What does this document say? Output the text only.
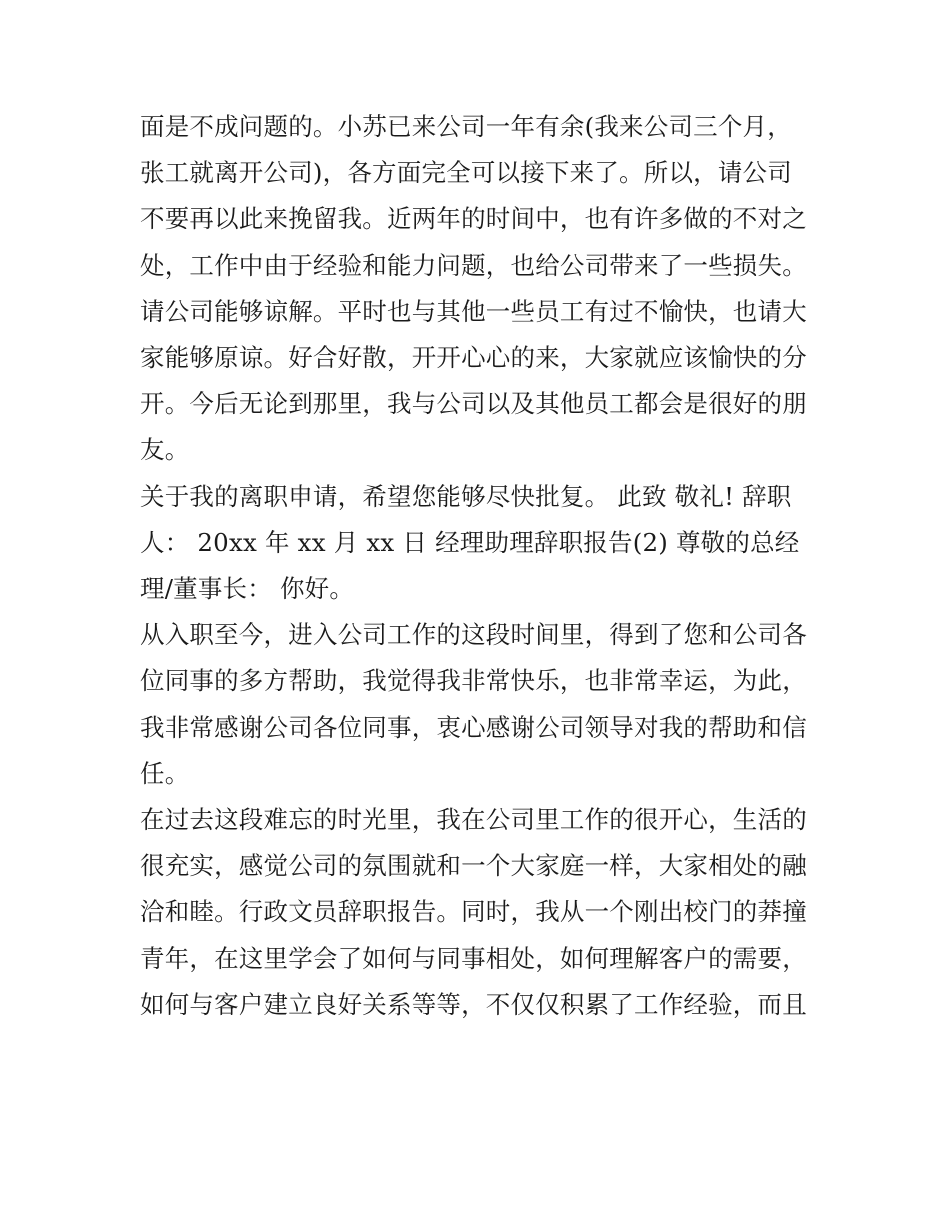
面是不成问题的。小苏已来公司一年有余(我来公司三个月，
张工就离开公司)，各方面完全可以接下来了。所以，请公司
不要再以此来挽留我。近两年的时间中，也有许多做的不对之
处，工作中由于经验和能力问题，也给公司带来了一些损失。
请公司能够谅解。平时也与其他一些员工有过不愉快，也请大
家能够原谅。好合好散，开开心心的来，大家就应该愉快的分
开。今后无论到那里，我与公司以及其他员工都会是很好的朋
友。

关于我的离职申请，希望您能够尽快批复。 此致 敬礼! 辞职
人： 20xx 年 xx 月 xx 日 经理助理辞职报告(2) 尊敬的总经
理/董事长： 你好。

从入职至今，进入公司工作的这段时间里，得到了您和公司各
位同事的多方帮助，我觉得我非常快乐，也非常幸运，为此，
我非常感谢公司各位同事，衷心感谢公司领导对我的帮助和信
任。

在过去这段难忘的时光里，我在公司里工作的很开心，生活的
很充实，感觉公司的氛围就和一个大家庭一样，大家相处的融
洽和睦。行政文员辞职报告。同时，我从一个刚出校门的莽撞
青年，在这里学会了如何与同事相处，如何理解客户的需要，
如何与客户建立良好关系等等，不仅仅积累了工作经验，而且
